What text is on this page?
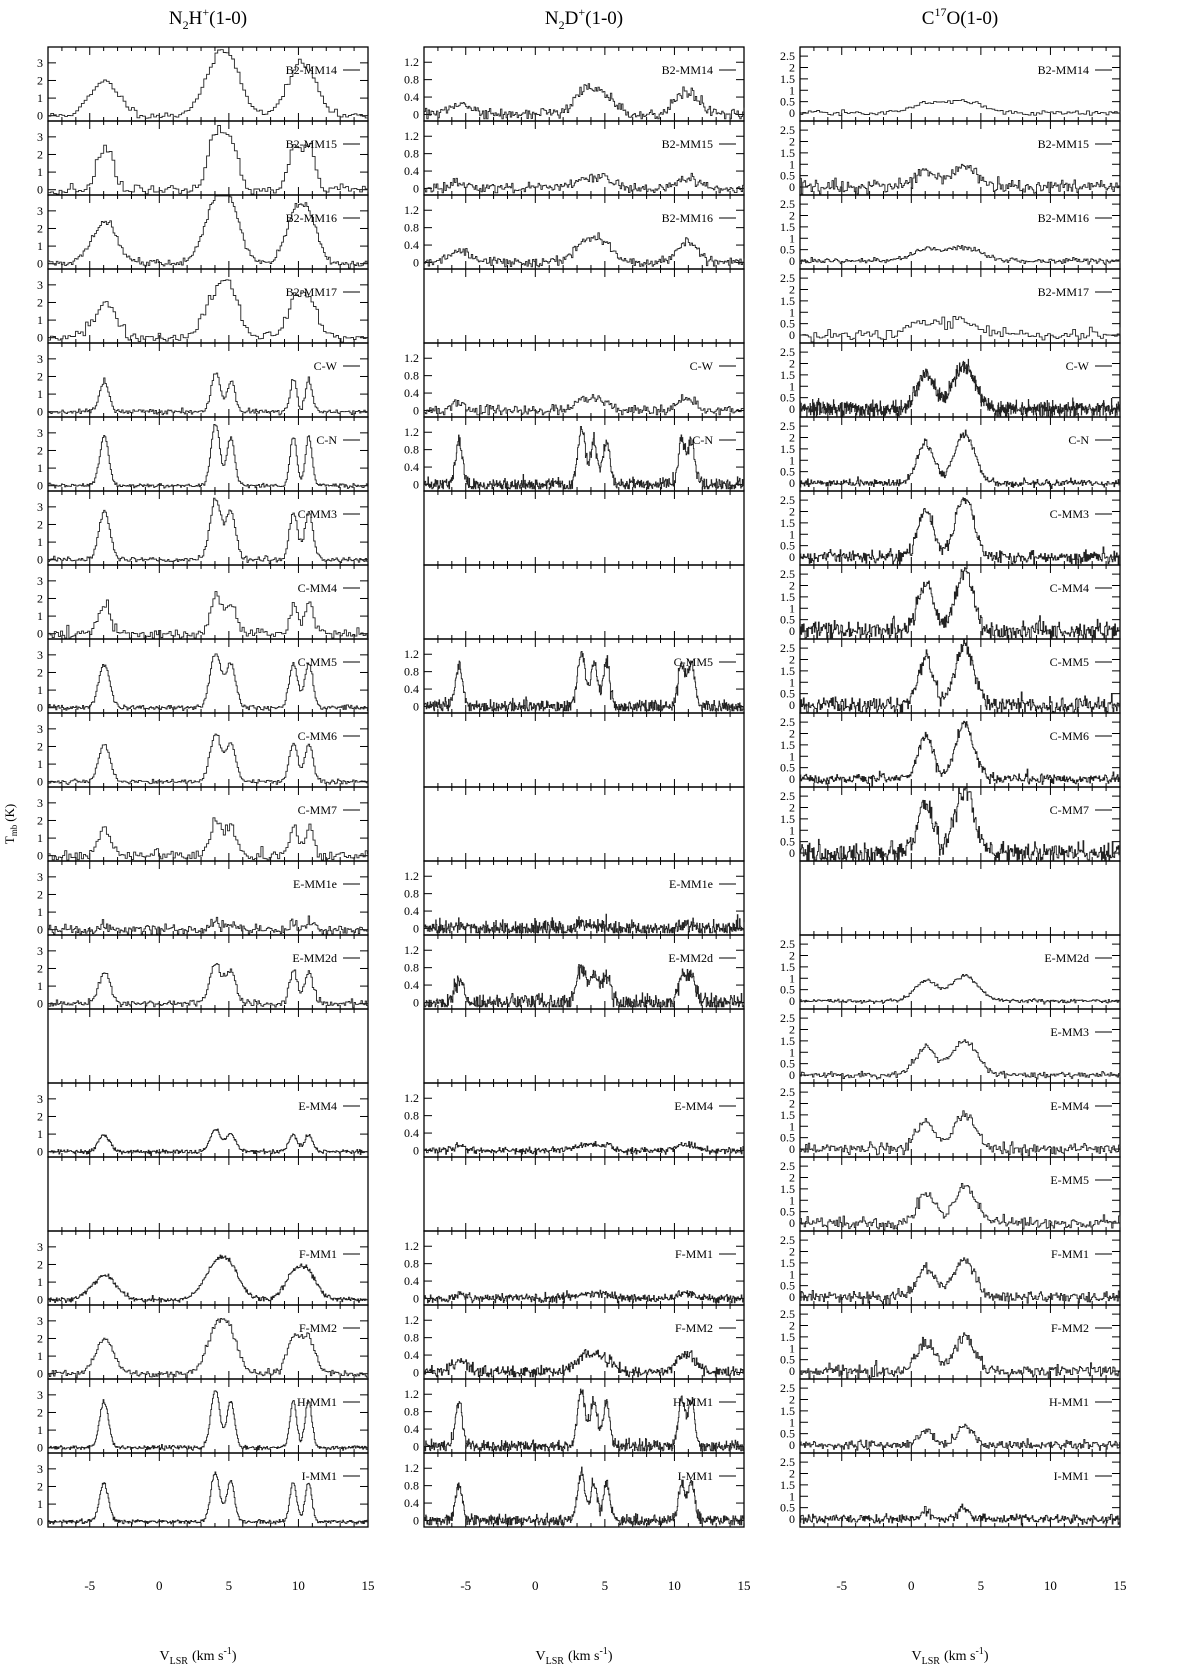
$T_{mb}(K)$
$N_2H^+(1-0)$
0
1
2
3
B2-MM14
0
1
2
3
B2-MM15
0
1
2
3
B2-MM16
0
1
2
3
B2-MM17
0
1
2
3
C-W
0
1
2
3
C-N
0
1
2
3
C-MM3
0
1
2
3
C-MM4
0
1
2
3
C-MM5
0
1
2
3
C-MM6
0
1
2
3
C-MM7
0
1
2
3
E-MM1e
0
1
2
3
E-MM2d
0
1
2
3
E-MM4
0
1
2
3
F-MM1
0
1
2
3
F-MM2
0
1
2
3
H-MM1
0
1
2
3
I-MM1
-5	0	5	10	15
$V_{LSR}$ (km $s^{-1}$)
$N_2D^+(1-0)$
0
0.4
0.8
1.2
B2-MM14
0
0.4
0.8
1.2
B2-MM15
0
0.4
0.8
1.2
B2-MM16
0
0.4
0.8
1.2
C-W
0
0.4
0.8
1.2
C-N
0
0.4
0.8
1.2
C-MM5
0
0.4
0.8
1.2
E-MM1e
0
0.4
0.8
1.2
E-MM2d
0
0.4
0.8
1.2
E-MM4
0
0.4
0.8
1.2
F-MM1
0
0.4
0.8
1.2
F-MM2
0
0.4
0.8
1.2
H-MM1
0
0.4
0.8
1.2
I-MM1
-5	0	5	10	15
$V_{LSR}$ (km $s^{-1}$)
$C^{17}O(1-0)$
0
0.5
1
1.5
2
2.5
B2-MM14
0
0.5
1
1.5
2
2.5
B2-MM15
0
0.5
1
1.5
2
2.5
B2-MM16
0
0.5
1
1.5
2
2.5
B2-MM17
0
0.5
1
1.5
2
2.5
C-W
0
0.5
1
1.5
2
2.5
C-N
0
0.5
1
1.5
2
2.5
C-MM3
0
0.5
1
1.5
2
2.5
C-MM4
0
0.5
1
1.5
2
2.5
C-MM5
0
0.5
1
1.5
2
2.5
C-MM6
0
0.5
1
1.5
2
2.5
C-MM7
0
0.5
1
1.5
2
2.5
E-MM2d
0
0.5
1
1.5
2
2.5
E-MM3
0
0.5
1
1.5
2
2.5
E-MM4
0
0.5
1
1.5
2
2.5
E-MM5
0
0.5
1
1.5
2
2.5
F-MM1
0
0.5
1
1.5
2
2.5
F-MM2
0
0.5
1
1.5
2
2.5
H-MM1
0
0.5
1
1.5
2
2.5
I-MM1
-5	0	5	10	15
$V_{LSR}$ (km $s^{-1}$)
